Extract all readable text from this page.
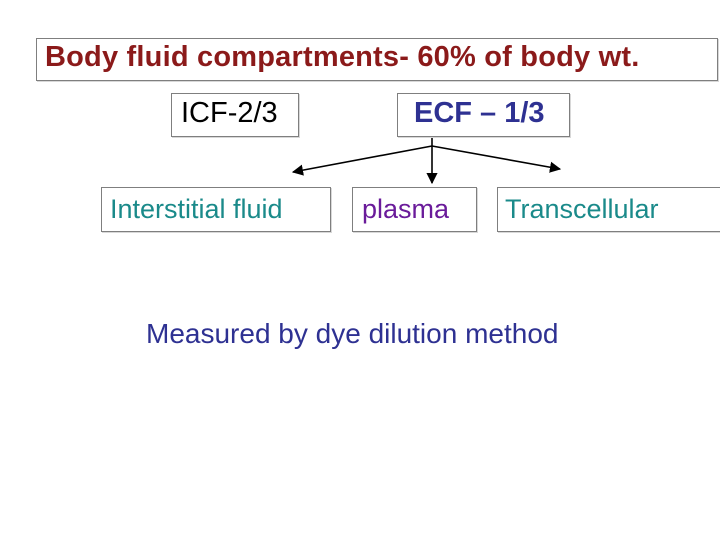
Body fluid compartments- 60% of body wt.
ICF-2/3	ECF – 1/3
Interstitial fluid	plasma Transcellular
Measured by dye dilution method
